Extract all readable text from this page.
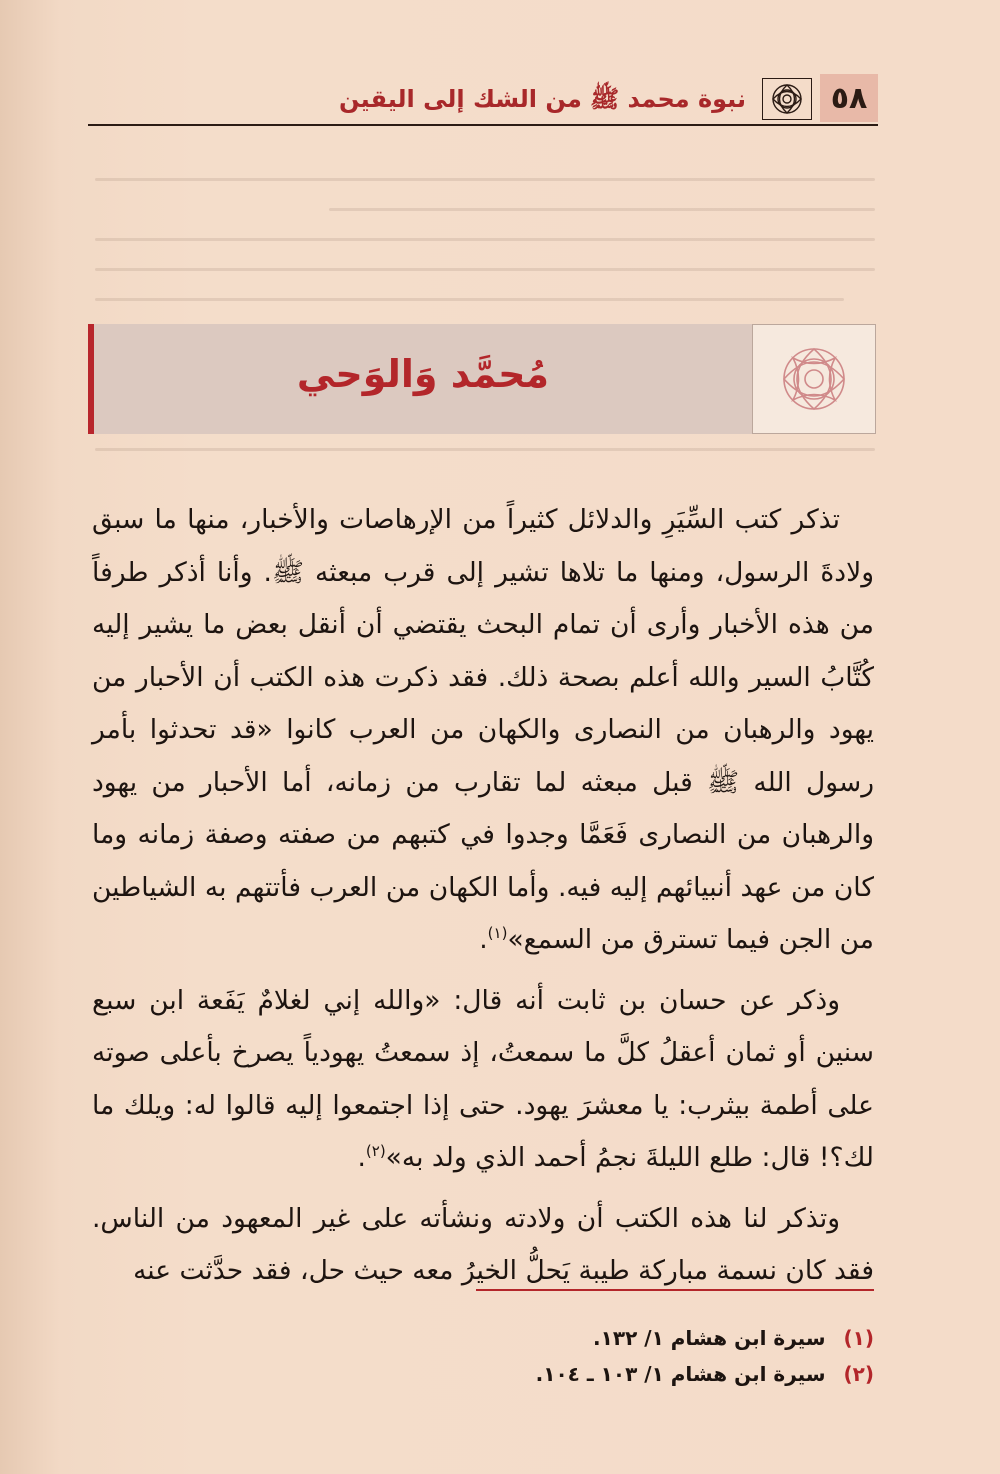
٥٨
نبوة محمد ﷺ من الشك إلى اليقين
مُحمَّد وَالوَحي

تذكر كتب السِّيَرِ والدلائل كثيراً من الإرهاصات والأخبار، منها ما سبق ولادةَ الرسول، ومنها ما تلاها تشير إلى قرب مبعثه ﷺ. وأنا أذكر طرفاً من هذه الأخبار وأرى أن تمام البحث يقتضي أن أنقل بعض ما يشير إليه كُتَّابُ السير والله أعلم بصحة ذلك. فقد ذكرت هذه الكتب أن الأحبار من يهود والرهبان من النصارى والكهان من العرب كانوا «قد تحدثوا بأمر رسول الله ﷺ قبل مبعثه لما تقارب من زمانه، أما الأحبار من يهود والرهبان من النصارى فَعَمَّا وجدوا في كتبهم من صفته وصفة زمانه وما كان من عهد أنبيائهم إليه فيه. وأما الكهان من العرب فأتتهم به الشياطين من الجن فيما تسترق من السمع»$^{(١)}$.

وذكر عن حسان بن ثابت أنه قال: «والله إني لغلامٌ يَفَعة ابن سبع سنين أو ثمان أعقلُ كلَّ ما سمعتُ، إذ سمعتُ يهودياً يصرخ بأعلى صوته على أطمة بيثرب: يا معشرَ يهود. حتى إذا اجتمعوا إليه قالوا له: ويلك ما لك؟! قال: طلع الليلةَ نجمُ أحمد الذي ولد به»$^{(٢)}$.

وتذكر لنا هذه الكتب أن ولادته ونشأته على غير المعهود من الناس. فقد كان نسمة مباركة طيبة يَحلُّ الخيرُ معه حيث حل، فقد حدَّثت عنه

(١)سيرة ابن هشام ١/ ١٣٢.
(٢)سيرة ابن هشام ١/ ١٠٣ ـ ١٠٤.
